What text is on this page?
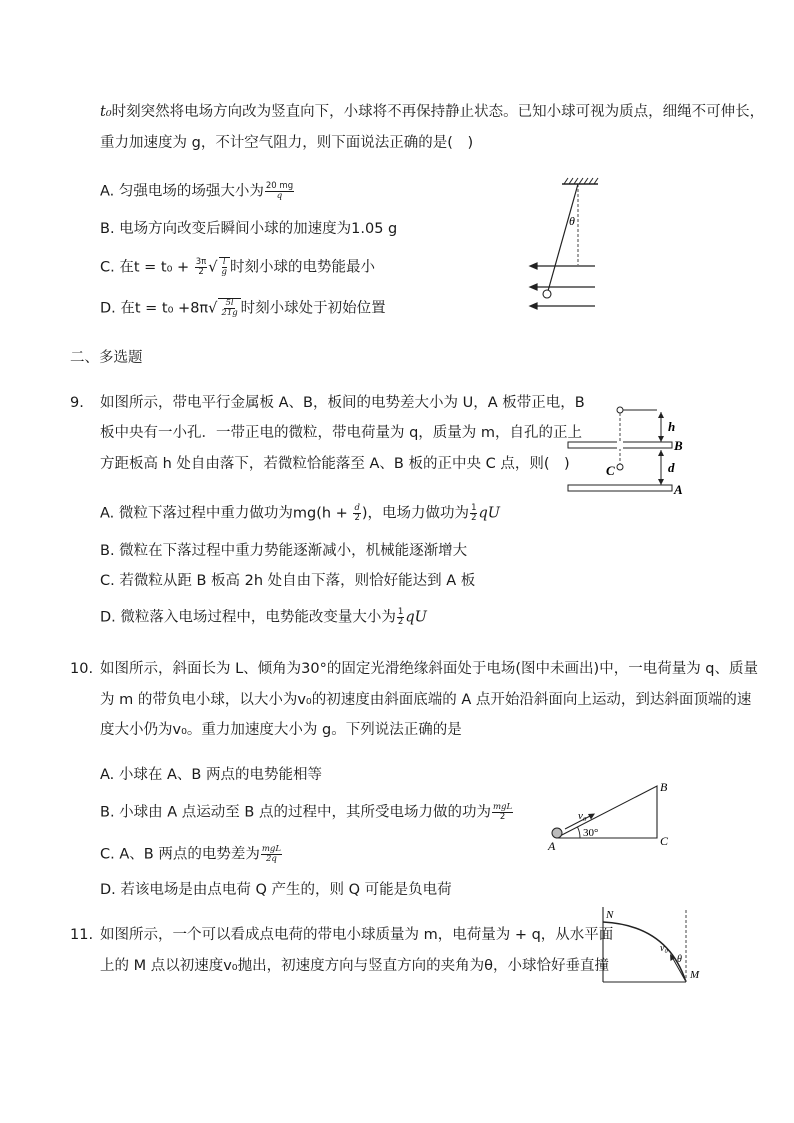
t₀时刻突然将电场方向改为竖直向下，小球将不再保持静止状态。已知小球可视为质点，细绳不可伸长，
重力加速度为 g，不计空气阻力，则下面说法正确的是(　)
A. 匀强电场的场强大小为 $\frac{20 mg}{q}$
B. 电场方向改变后瞬间小球的加速度为1.05 g
C. 在$t = t_0 + \frac{3\pi}{2}$ √ $\frac{l}{g}$ 时刻小球的电势能最小
D. 在$t = t_0 +8\pi√ \frac{5l}{21g}$ 时刻小球处于初始位置
θ
二、多选题
9. 如图所示，带电平行金属板 A、B，板间的电势差大小为 U，A 板带正电，B
板中央有一小孔．一带正电的微粒，带电荷量为 q，质量为 m，自孔的正上
方距板高 h 处自由落下，若微粒恰能落至 A、B 板的正中央 C 点，则(　)
A. 微粒下落过程中重力做功为$mg(h + \frac{d}{2}$ )，电场力做功为 $\frac{1}{2}$ qU
B. 微粒在下落过程中重力势能逐渐减小，机械能逐渐增大
C. 若微粒从距 B 板高 2h 处自由下落，则恰好能达到 A 板
D. 微粒落入电场过程中，电势能改变量大小为 $\frac{1}{2}$ qU
h
B
C	d
A
10. 如图所示，斜面长为 L、倾角为30°的固定光滑绝缘斜面处于电场(图中未画出)中，一电荷量为 q、质量
为 m 的带负电小球，以大小为v₀的初速度由斜面底端的 A 点开始沿斜面向上运动，到达斜面顶端的速
度大小仍为v₀。重力加速度大小为 g。下列说法正确的是
A. 小球在 A、B 两点的电势能相等
B. 小球由 A 点运动至 B 点的过程中，其所受电场力做的功为 $\frac{\text{mgL}}{2}$
C. A、B 两点的电势差为 $\frac{\text{mgL}}{2q}$
D. 若该电场是由点电荷 Q 产生的，则 Q 可能是负电荷
B
v₀
30°
A	C
11. 如图所示，一个可以看成点电荷的带电小球质量为 m，电荷量为 + q，从水平面
上的 M 点以初速度v₀抛出，初速度方向与竖直方向的夹角为θ，小球恰好垂直撞
N
v₀
θ
M
